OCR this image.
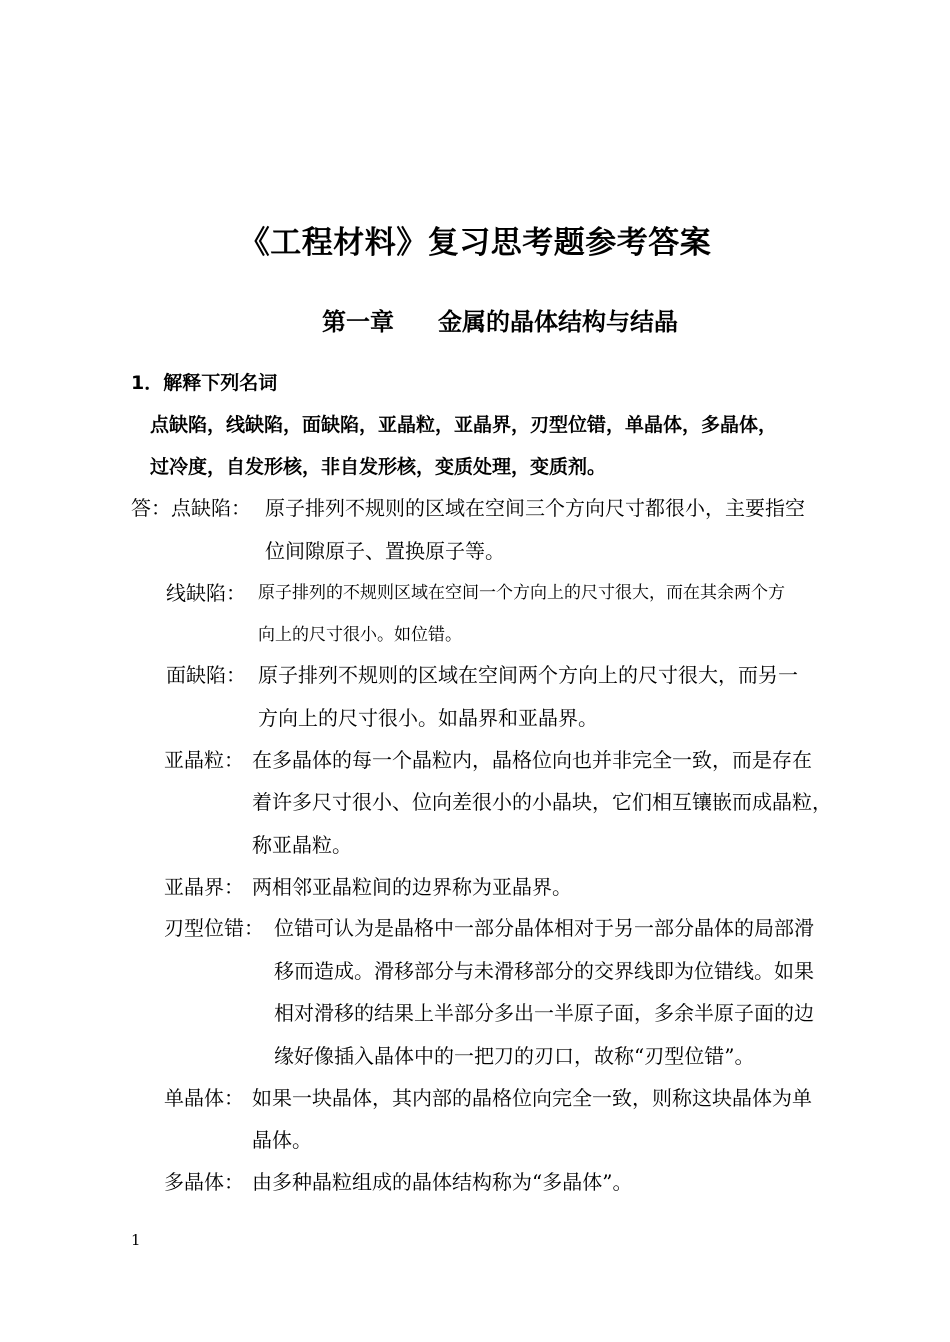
《工程材料》复习思考题参考答案
第一章 金属的晶体结构与结晶
1．解释下列名词
点缺陷，线缺陷，面缺陷，亚晶粒，亚晶界，刃型位错，单晶体，多晶体，
过冷度，自发形核，非自发形核，变质处理，变质剂。
答：点缺陷： 原子排列不规则的区域在空间三个方向尺寸都很小，主要指空
位间隙原子、置换原子等。
线缺陷： 原子排列的不规则区域在空间一个方向上的尺寸很大，而在其余两个方
向上的尺寸很小。如位错。
面缺陷： 原子排列不规则的区域在空间两个方向上的尺寸很大，而另一
方向上的尺寸很小。如晶界和亚晶界。
亚晶粒： 在多晶体的每一个晶粒内，晶格位向也并非完全一致，而是存在
着许多尺寸很小、位向差很小的小晶块，它们相互镶嵌而成晶粒，
称亚晶粒。
亚晶界： 两相邻亚晶粒间的边界称为亚晶界。
刃型位错： 位错可认为是晶格中一部分晶体相对于另一部分晶体的局部滑
移而造成。滑移部分与未滑移部分的交界线即为位错线。如果
相对滑移的结果上半部分多出一半原子面，多余半原子面的边
缘好像插入晶体中的一把刀的刃口，故称“刃型位错”。
单晶体： 如果一块晶体，其内部的晶格位向完全一致，则称这块晶体为单
晶体。
多晶体： 由多种晶粒组成的晶体结构称为“多晶体”。
1
